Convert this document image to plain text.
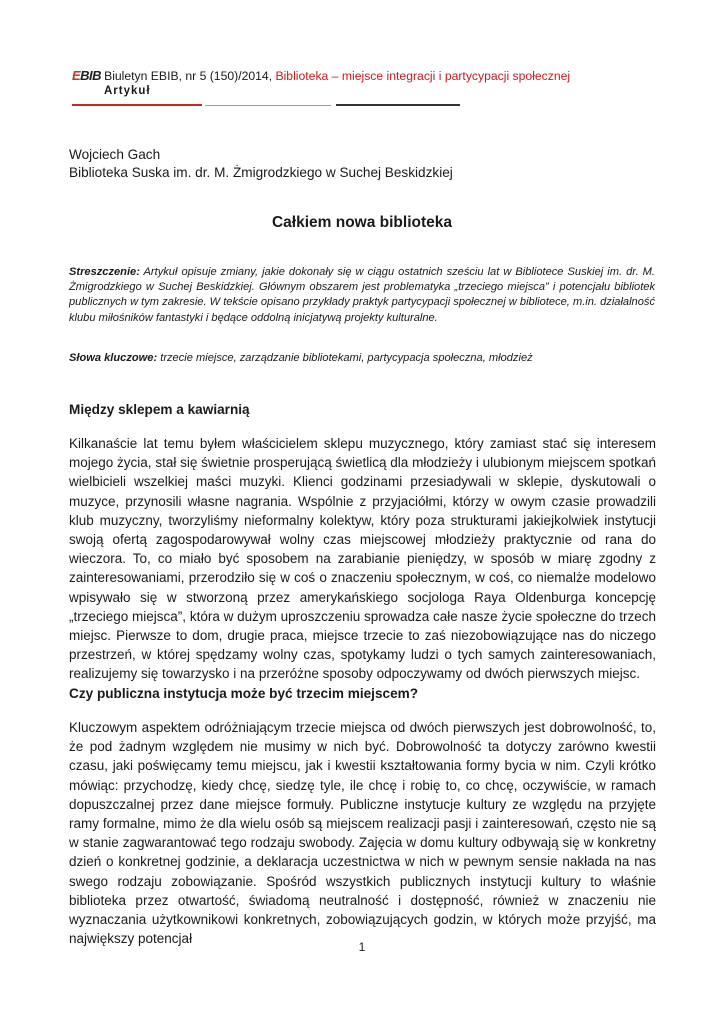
EBIB Biuletyn EBIB, nr 5 (150)/2014, Biblioteka – miejsce integracji i partycypacji społecznej
Artykuł
Wojciech Gach
Biblioteka Suska im. dr. M. Żmigrodzkiego w Suchej Beskidzkiej
Całkiem nowa biblioteka
Streszczenie: Artykuł opisuje zmiany, jakie dokonały się w ciągu ostatnich sześciu lat w Bibliotece Suskiej im. dr. M. Żmigrodzkiego w Suchej Beskidzkiej. Głównym obszarem jest problematyka „trzeciego miejsca” i potencjału bibliotek publicznych w tym zakresie. W tekście opisano przykłady praktyk partycypacji społecznej w bibliotece, m.in. działalność klubu miłośników fantastyki i będące oddolną inicjatywą projekty kulturalne.
Słowa kluczowe: trzecie miejsce, zarządzanie bibliotekami, partycypacja społeczna, młodzież
Między sklepem a kawiarnią
Kilkanaście lat temu byłem właścicielem sklepu muzycznego, który zamiast stać się interesem mojego życia, stał się świetnie prosperującą świetlicą dla młodzieży i ulubionym miejscem spotkań wielbicieli wszelkiej maści muzyki. Klienci godzinami przesiadywali w sklepie, dyskutowali o muzyce, przynosili własne nagrania. Wspólnie z przyjaciółmi, którzy w owym czasie prowadzili klub muzyczny, tworzyliśmy nieformalny kolektyw, który poza strukturami jakiejkolwiek instytucji swoją ofertą zagospodarowywał wolny czas miejscowej młodzieży praktycznie od rana do wieczora. To, co miało być sposobem na zarabianie pieniędzy, w sposób w miarę zgodny z zainteresowaniami, przerodziło się w coś o znaczeniu społecznym, w coś, co niemalże modelowo wpisywało się w stworzoną przez amerykańskiego socjologa Raya Oldenburga koncepcję „trzeciego miejsca”, która w dużym uproszczeniu sprowadza całe nasze życie społeczne do trzech miejsc. Pierwsze to dom, drugie praca, miejsce trzecie to zaś niezobowiązujące nas do niczego przestrzeń, w której spędzamy wolny czas, spotykamy ludzi o tych samych zainteresowaniach, realizujemy się towarzysko i na przeróżne sposoby odpoczywamy od dwóch pierwszych miejsc.
Czy publiczna instytucja może być trzecim miejscem?
Kluczowym aspektem odróżniającym trzecie miejsca od dwóch pierwszych jest dobrowolność, to, że pod żadnym względem nie musimy w nich być. Dobrowolność ta dotyczy zarówno kwestii czasu, jaki poświęcamy temu miejscu, jak i kwestii kształtowania formy bycia w nim. Czyli krótko mówiąc: przychodzę, kiedy chcę, siedzę tyle, ile chcę i robię to, co chcę, oczywiście, w ramach dopuszczalnej przez dane miejsce formuły. Publiczne instytucje kultury ze względu na przyjęte ramy formalne, mimo że dla wielu osób są miejscem realizacji pasji i zainteresowań, często nie są w stanie zagwarantować tego rodzaju swobody. Zajęcia w domu kultury odbywają się w konkretny dzień o konkretnej godzinie, a deklaracja uczestnictwa w nich w pewnym sensie nakłada na nas swego rodzaju zobowiązanie. Spośród wszystkich publicznych instytucji kultury to właśnie biblioteka przez otwartość, świadomą neutralność i dostępność, również w znaczeniu nie wyznaczania użytkownikowi konkretnych, zobowiązujących godzin, w których może przyjść, ma największy potencjał
1
